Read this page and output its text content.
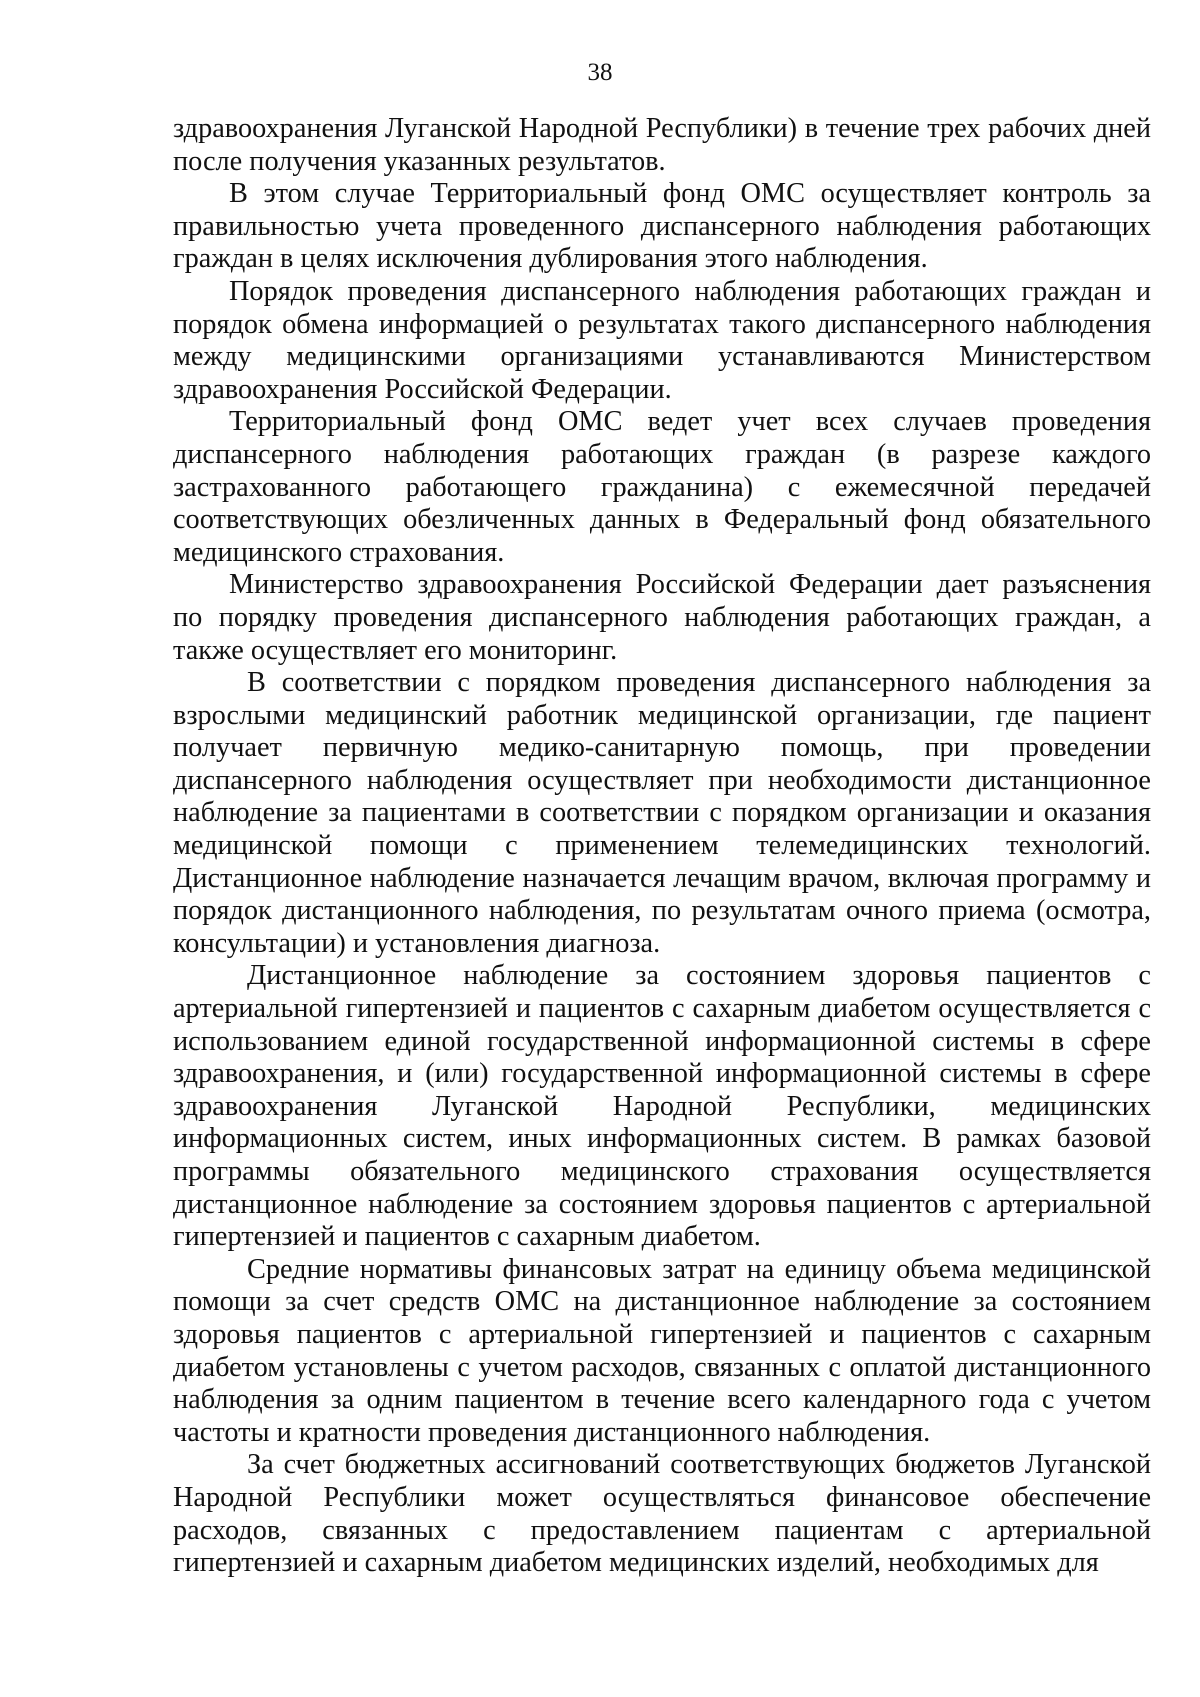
38

здравоохранения Луганской Народной Республики) в течение трех рабочих дней после получения указанных результатов.

В этом случае Территориальный фонд ОМС осуществляет контроль за правильностью учета проведенного диспансерного наблюдения работающих граждан в целях исключения дублирования этого наблюдения.

Порядок проведения диспансерного наблюдения работающих граждан и порядок обмена информацией о результатах такого диспансерного наблюдения между медицинскими организациями устанавливаются Министерством здравоохранения Российской Федерации.

Территориальный фонд ОМС ведет учет всех случаев проведения диспансерного наблюдения работающих граждан (в разрезе каждого застрахованного работающего гражданина) с ежемесячной передачей соответствующих обезличенных данных в Федеральный фонд обязательного медицинского страхования.

Министерство здравоохранения Российской Федерации дает разъяснения по порядку проведения диспансерного наблюдения работающих граждан, а также осуществляет его мониторинг.

В соответствии с порядком проведения диспансерного наблюдения за взрослыми медицинский работник медицинской организации, где пациент получает первичную медико-санитарную помощь, при проведении диспансерного наблюдения осуществляет при необходимости дистанционное наблюдение за пациентами в соответствии с порядком организации и оказания медицинской помощи с применением телемедицинских технологий. Дистанционное наблюдение назначается лечащим врачом, включая программу и порядок дистанционного наблюдения, по результатам очного приема (осмотра, консультации) и установления диагноза.

Дистанционное наблюдение за состоянием здоровья пациентов с артериальной гипертензией и пациентов с сахарным диабетом осуществляется с использованием единой государственной информационной системы в сфере здравоохранения, и (или) государственной информационной системы в сфере здравоохранения Луганской Народной Республики, медицинских информационных систем, иных информационных систем. В рамках базовой программы обязательного медицинского страхования осуществляется дистанционное наблюдение за состоянием здоровья пациентов с артериальной гипертензией и пациентов с сахарным диабетом.

Средние нормативы финансовых затрат на единицу объема медицинской помощи за счет средств ОМС на дистанционное наблюдение за состоянием здоровья пациентов с артериальной гипертензией и пациентов с сахарным диабетом установлены с учетом расходов, связанных с оплатой дистанционного наблюдения за одним пациентом в течение всего календарного года с учетом частоты и кратности проведения дистанционного наблюдения.

За счет бюджетных ассигнований соответствующих бюджетов Луганской Народной Республики может осуществляться финансовое обеспечение расходов, связанных с предоставлением пациентам с артериальной гипертензией и сахарным диабетом медицинских изделий, необходимых для
